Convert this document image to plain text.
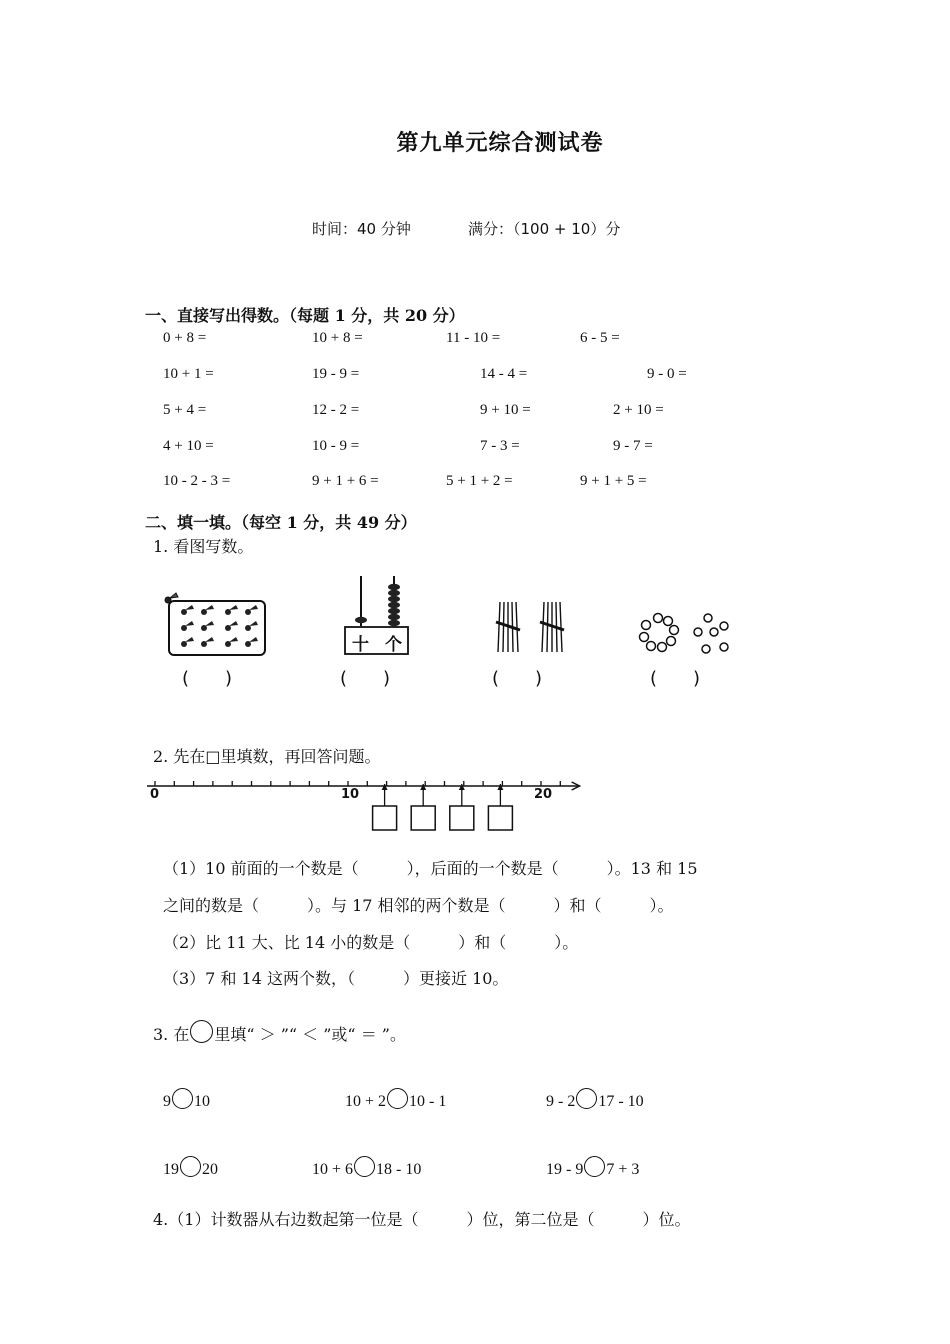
第九单元综合测试卷
时间：40 分钟	满分：（100 + 10）分
一、直接写出得数。（每题 1 分，共 20 分）
0 + 8 =	10 + 8 =	11 - 10 =	6 - 5 =
10 + 1 =	19 - 9 =	14 - 4 =	9 - 0 =
5 + 4 =	12 - 2 =	9 + 10 =	2 + 10 =
4 + 10 =	10 - 9 =	7 - 3 =	9 - 7 =
10 - 2 - 3 =	9 + 1 + 6 =	5 + 1 + 2 =	9 + 1 + 5 =
二、填一填。（每空 1 分，共 49 分）
1. 看图写数。
十 个
(　　)	(　　)	(　　)	(　　)
2. 先在□里填数，再回答问题。
0	10	20
（1）10 前面的一个数是（　　　），后面的一个数是（　　　）。13 和 15
之间的数是（　　　）。与 17 相邻的两个数是（　　　）和（　　　）。
（2）比 11 大、比 14 小的数是（　　　）和（　　　）。
（3）7 和 14 这两个数，（　　　）更接近 10。
3. 在 里填“ ＞ ”“ ＜ ”或“ ＝ ”。
9 10	10 + 2 10 - 1	9 - 2 17 - 10
19 20	10 + 6 18 - 10	19 - 9 7 + 3
4.（1）计数器从右边数起第一位是（　　　）位，第二位是（　　　）位。
